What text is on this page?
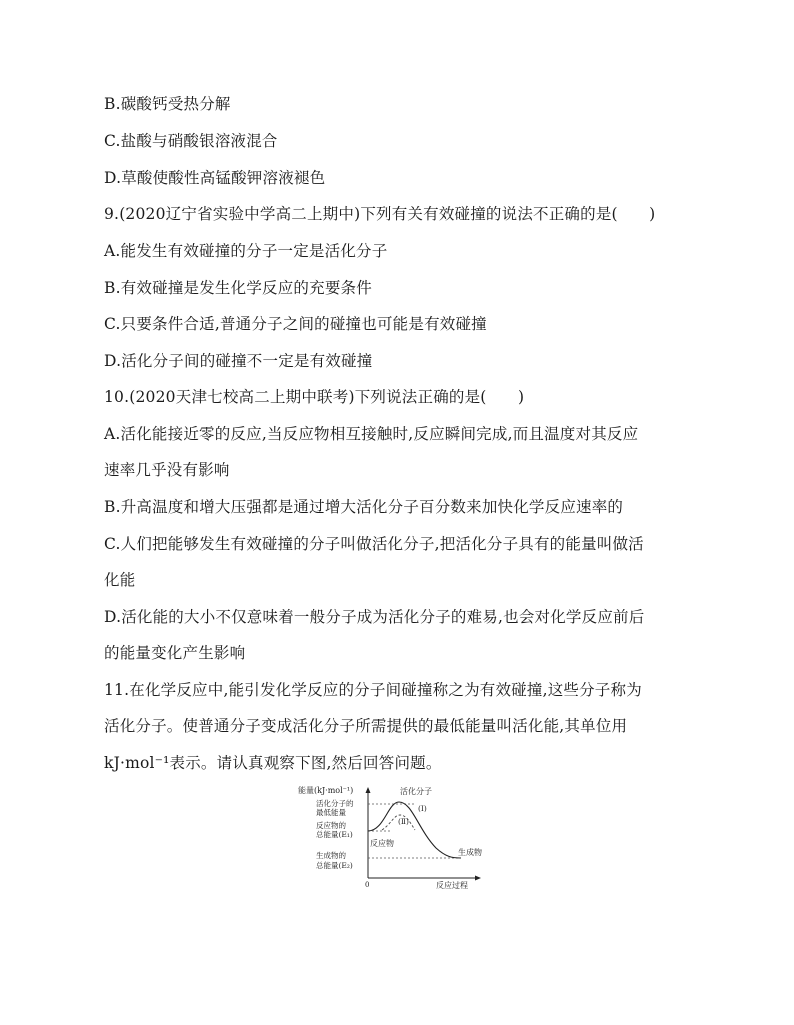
B.碳酸钙受热分解
C.盐酸与硝酸银溶液混合
D.草酸使酸性高锰酸钾溶液褪色
9.(2020辽宁省实验中学高二上期中)下列有关有效碰撞的说法不正确的是(　　)
A.能发生有效碰撞的分子一定是活化分子
B.有效碰撞是发生化学反应的充要条件
C.只要条件合适,普通分子之间的碰撞也可能是有效碰撞
D.活化分子间的碰撞不一定是有效碰撞
10.(2020天津七校高二上期中联考)下列说法正确的是(　　)
A.活化能接近零的反应,当反应物相互接触时,反应瞬间完成,而且温度对其反应
速率几乎没有影响
B.升高温度和增大压强都是通过增大活化分子百分数来加快化学反应速率的
C.人们把能够发生有效碰撞的分子叫做活化分子,把活化分子具有的能量叫做活
化能
D.活化能的大小不仅意味着一般分子成为活化分子的难易,也会对化学反应前后
的能量变化产生影响
11.在化学反应中,能引发化学反应的分子间碰撞称之为有效碰撞,这些分子称为
活化分子。使普通分子变成活化分子所需提供的最低能量叫活化能,其单位用
kJ·mol⁻¹表示。请认真观察下图,然后回答问题。
能量(kJ·mol⁻¹)
反应过程
0
活化分子的
最低能量
反应物的
总能量(E₁)
生成物的
总能量(E₂)
活化分子
(Ⅰ)
(Ⅱ)
反应物
生成物
